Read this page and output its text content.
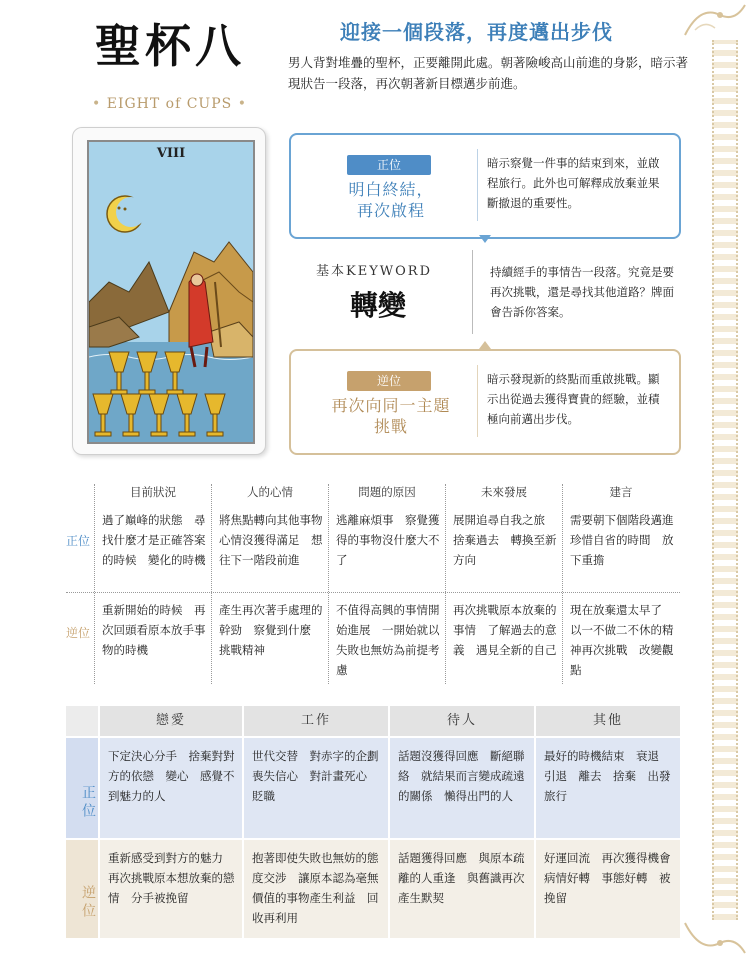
聖杯八
• EIGHT of CUPS •
迎接一個段落，再度邁出步伐
男人背對堆疊的聖杯，正要離開此處。朝著險峻高山前進的身影，暗示著現狀告一段落，再次朝著新目標邁步前進。
VIII
正位
明白終結，
再次啟程
暗示察覺一件事的結束到來，並啟程旅行。此外也可解釋成放棄並果斷撤退的重要性。
基本KEYWORD
轉變
持續經手的事情告一段落。究竟是要再次挑戰，還是尋找其他道路？牌面會告訴你答案。
逆位
再次向同一主題
挑戰
暗示發現新的終點而重啟挑戰。顯示出從過去獲得寶貴的經驗，並積極向前邁出步伐。
目前狀況	人的心情	問題的原因	未來發展	建言
正位
過了巔峰的狀態　尋找什麼才是正確答案的時候　變化的時機
將焦點轉向其他事物　心情沒獲得滿足　想往下一階段前進
逃離麻煩事　察覺獲得的事物沒什麼大不了
展開追尋自我之旅　捨棄過去　轉換至新方向
需要朝下個階段邁進　珍惜自省的時間　放下重擔
逆位
重新開始的時候　再次回頭看原本放手事物的時機
產生再次著手處理的幹勁　察覺到什麼　挑戰精神
不值得高興的事情開始進展　一開始就以失敗也無妨為前提考慮
再次挑戰原本放棄的事情　了解過去的意義　遇見全新的自己
現在放棄還太早了　以一不做二不休的精神再次挑戰　改變觀點
戀愛	工作	待人	其他
正位
下定決心分手　捨棄對對方的依戀　變心　感覺不到魅力的人
世代交替　對赤字的企劃喪失信心　對計畫死心　貶職
話題沒獲得回應　斷絕聯絡　就結果而言變成疏遠的關係　懶得出門的人
最好的時機結束　衰退　引退　離去　捨棄　出發旅行
逆位
重新感受到對方的魅力　再次挑戰原本想放棄的戀情　分手被挽留
抱著即使失敗也無妨的態度交涉　讓原本認為毫無價值的事物產生利益　回收再利用
話題獲得回應　與原本疏離的人重逢　與舊識再次產生默契
好運回流　再次獲得機會　病情好轉　事態好轉　被挽留
